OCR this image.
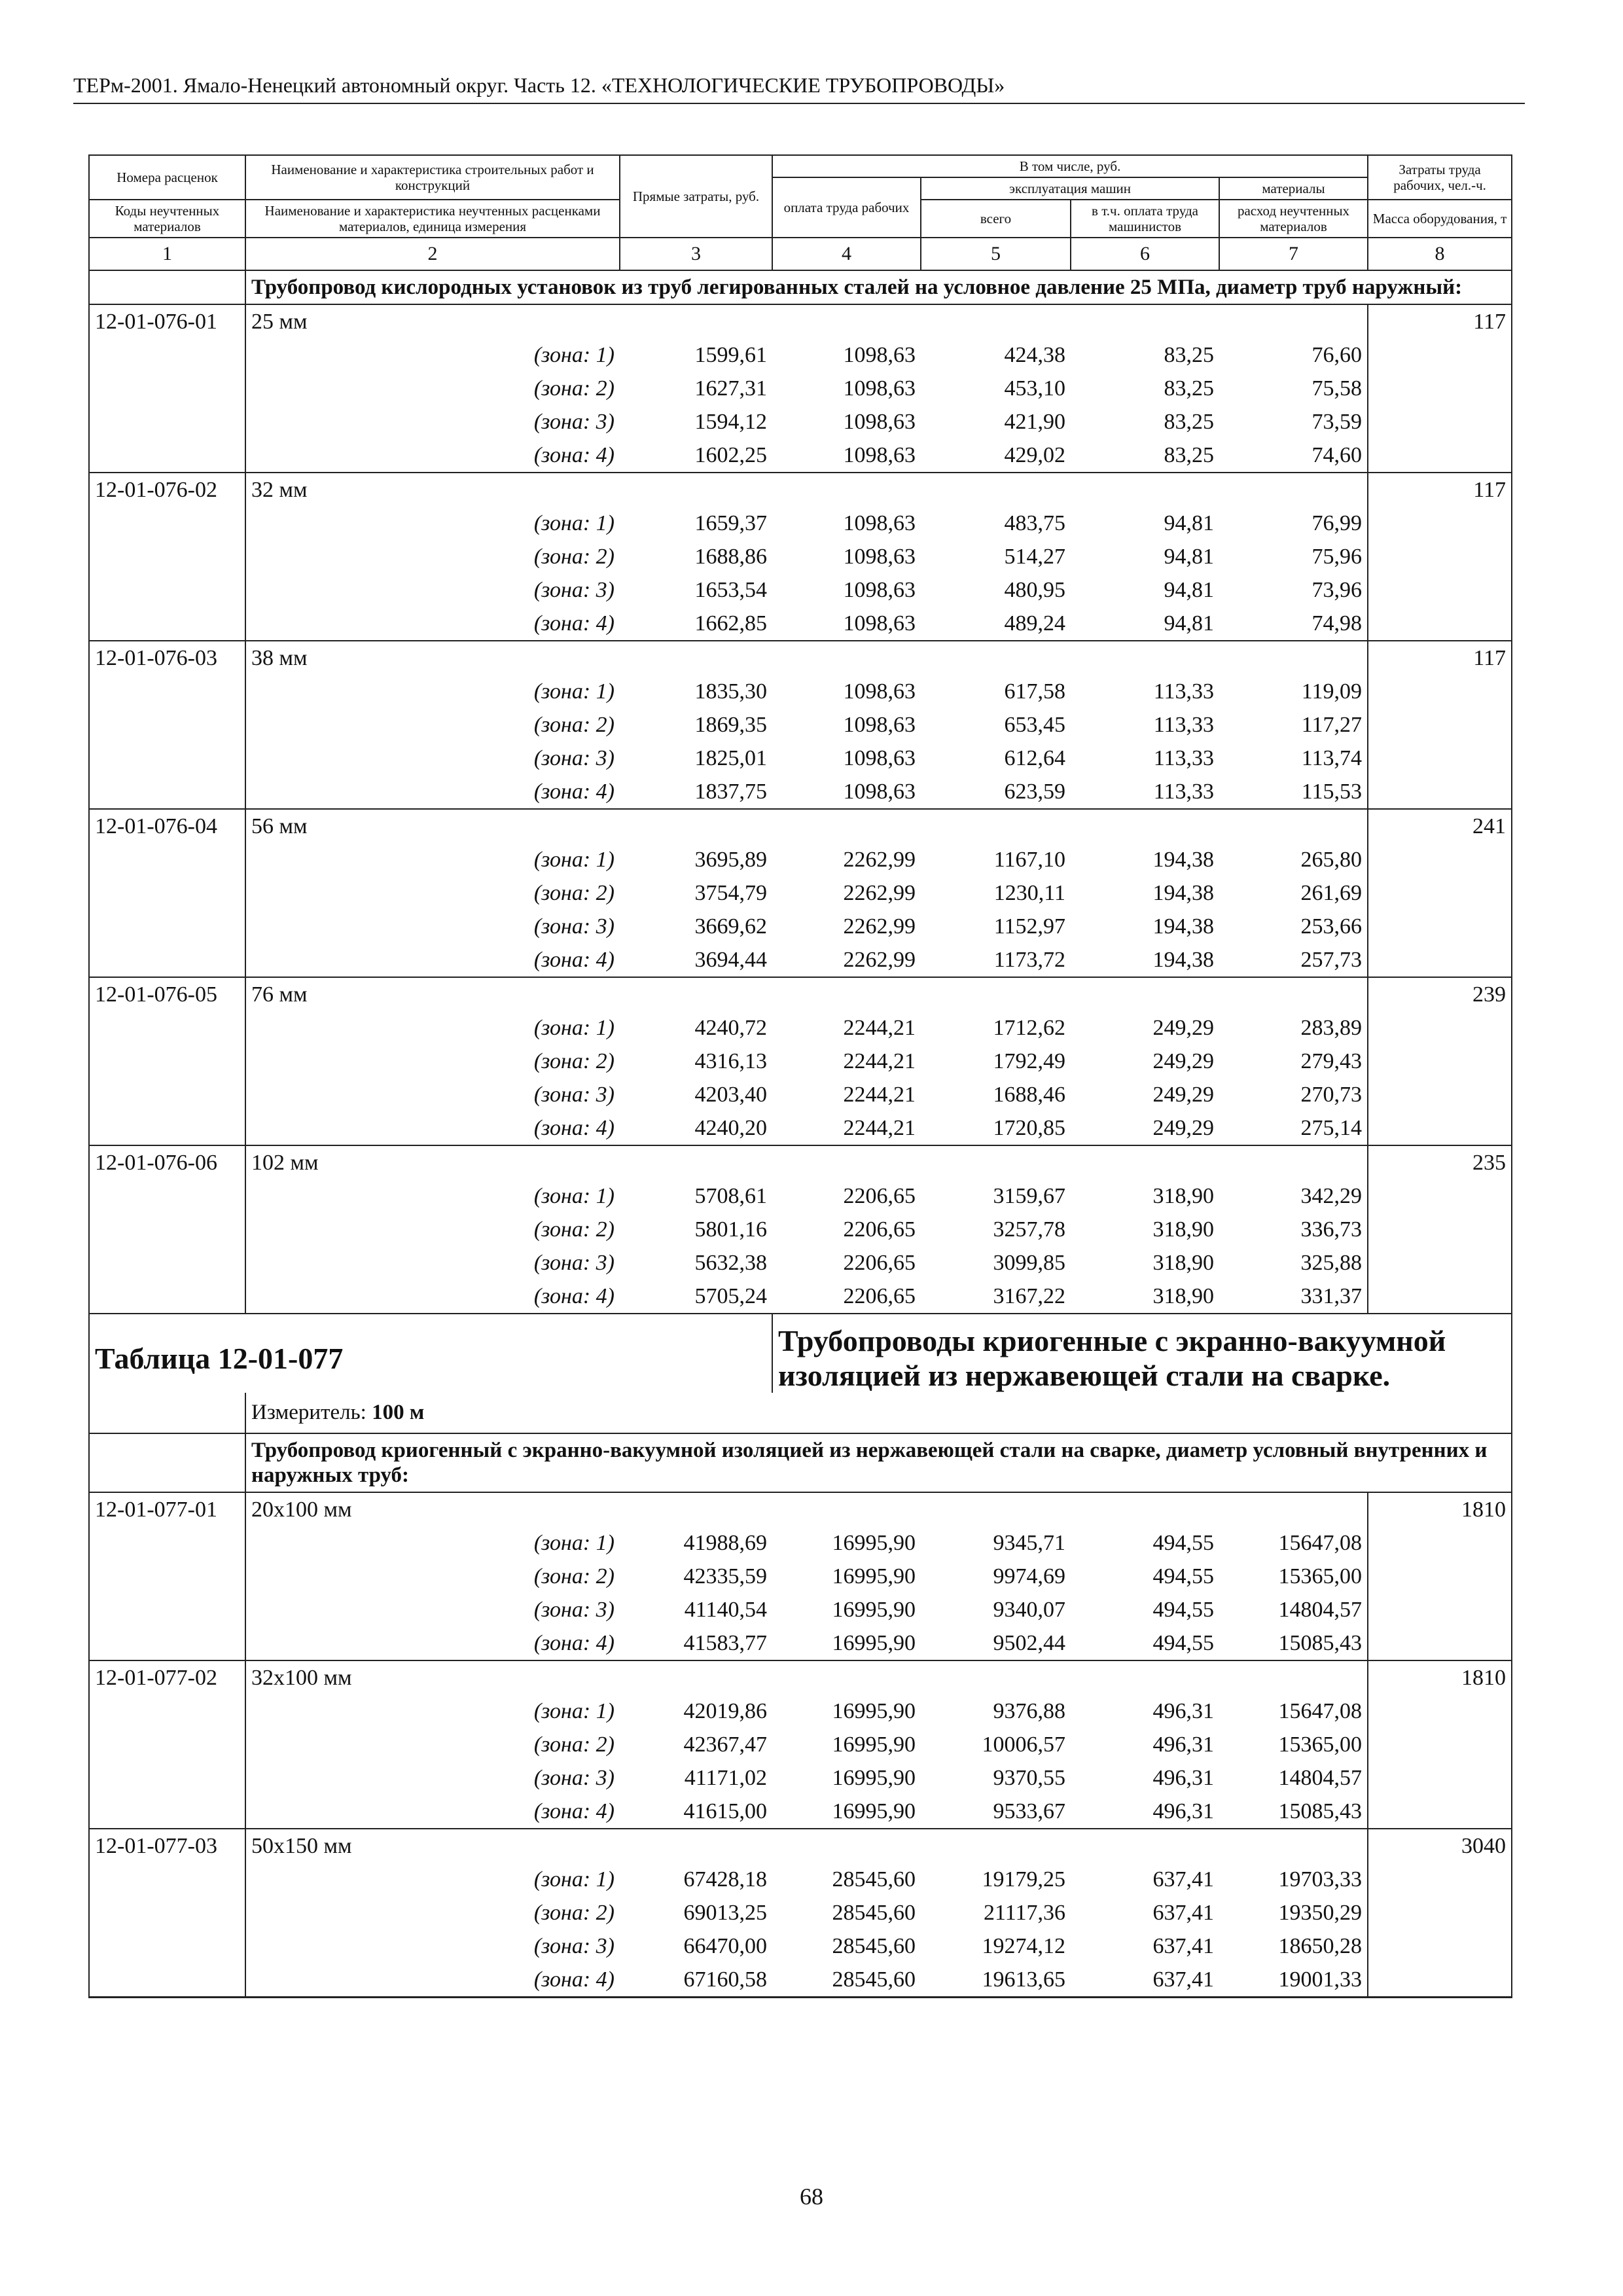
ТЕРм-2001. Ямало-Ненецкий автономный округ. Часть 12. «ТЕХНОЛОГИЧЕСКИЕ ТРУБОПРОВОДЫ»
Номера расценок	Наименование и характеристика строительных работ и конструкций	Прямые затраты, руб.	В том числе, руб.				Затраты труда рабочих, чел.-ч.
			оплата труда рабочих	эксплуатация машин		материалы	
Коды неучтенных материалов	Наименование и характеристика неучтенных расценками материалов, единица измерения			всего	в т.ч. оплата труда машинистов	расход неучтенных материалов	
							Масса оборудования, т
1	2	3	4	5	6	7	8
	Трубопровод кислородных установок из труб легированных сталей на условное давление 25 МПа, диаметр труб наружный:						
12-01-076-01	25 мм						117
	(зона: 1)	1599,61	1098,63	424,38	83,25	76,60	
	(зона: 2)	1627,31	1098,63	453,10	83,25	75,58	
	(зона: 3)	1594,12	1098,63	421,90	83,25	73,59	
	(зона: 4)	1602,25	1098,63	429,02	83,25	74,60	
12-01-076-02	32 мм						117
	(зона: 1)	1659,37	1098,63	483,75	94,81	76,99	
	(зона: 2)	1688,86	1098,63	514,27	94,81	75,96	
	(зона: 3)	1653,54	1098,63	480,95	94,81	73,96	
	(зона: 4)	1662,85	1098,63	489,24	94,81	74,98	
12-01-076-03	38 мм						117
	(зона: 1)	1835,30	1098,63	617,58	113,33	119,09	
	(зона: 2)	1869,35	1098,63	653,45	113,33	117,27	
	(зона: 3)	1825,01	1098,63	612,64	113,33	113,74	
	(зона: 4)	1837,75	1098,63	623,59	113,33	115,53	
12-01-076-04	56 мм						241
	(зона: 1)	3695,89	2262,99	1167,10	194,38	265,80	
	(зона: 2)	3754,79	2262,99	1230,11	194,38	261,69	
	(зона: 3)	3669,62	2262,99	1152,97	194,38	253,66	
	(зона: 4)	3694,44	2262,99	1173,72	194,38	257,73	
12-01-076-05	76 мм						239
	(зона: 1)	4240,72	2244,21	1712,62	249,29	283,89	
	(зона: 2)	4316,13	2244,21	1792,49	249,29	279,43	
	(зона: 3)	4203,40	2244,21	1688,46	249,29	270,73	
	(зона: 4)	4240,20	2244,21	1720,85	249,29	275,14	
12-01-076-06	102 мм						235
	(зона: 1)	5708,61	2206,65	3159,67	318,90	342,29	
	(зона: 2)	5801,16	2206,65	3257,78	318,90	336,73	
	(зона: 3)	5632,38	2206,65	3099,85	318,90	325,88	
	(зона: 4)	5705,24	2206,65	3167,22	318,90	331,37	
Таблица 12-01-077			Трубопроводы криогенные с экранно-вакуумной изоляцией из нержавеющей стали на сварке.				
	Измеритель: 100 м						
	Трубопровод криогенный с экранно-вакуумной изоляцией из нержавеющей стали на сварке, диаметр условный внутренних и наружных труб:						
12-01-077-01	20x100 мм						1810
	(зона: 1)	41988,69	16995,90	9345,71	494,55	15647,08	
	(зона: 2)	42335,59	16995,90	9974,69	494,55	15365,00	
	(зона: 3)	41140,54	16995,90	9340,07	494,55	14804,57	
	(зона: 4)	41583,77	16995,90	9502,44	494,55	15085,43	
12-01-077-02	32x100 мм						1810
	(зона: 1)	42019,86	16995,90	9376,88	496,31	15647,08	
	(зона: 2)	42367,47	16995,90	10006,57	496,31	15365,00	
	(зона: 3)	41171,02	16995,90	9370,55	496,31	14804,57	
	(зона: 4)	41615,00	16995,90	9533,67	496,31	15085,43	
12-01-077-03	50x150 мм						3040
	(зона: 1)	67428,18	28545,60	19179,25	637,41	19703,33	
	(зона: 2)	69013,25	28545,60	21117,36	637,41	19350,29	
	(зона: 3)	66470,00	28545,60	19274,12	637,41	18650,28	
	(зона: 4)	67160,58	28545,60	19613,65	637,41	19001,33	
68
